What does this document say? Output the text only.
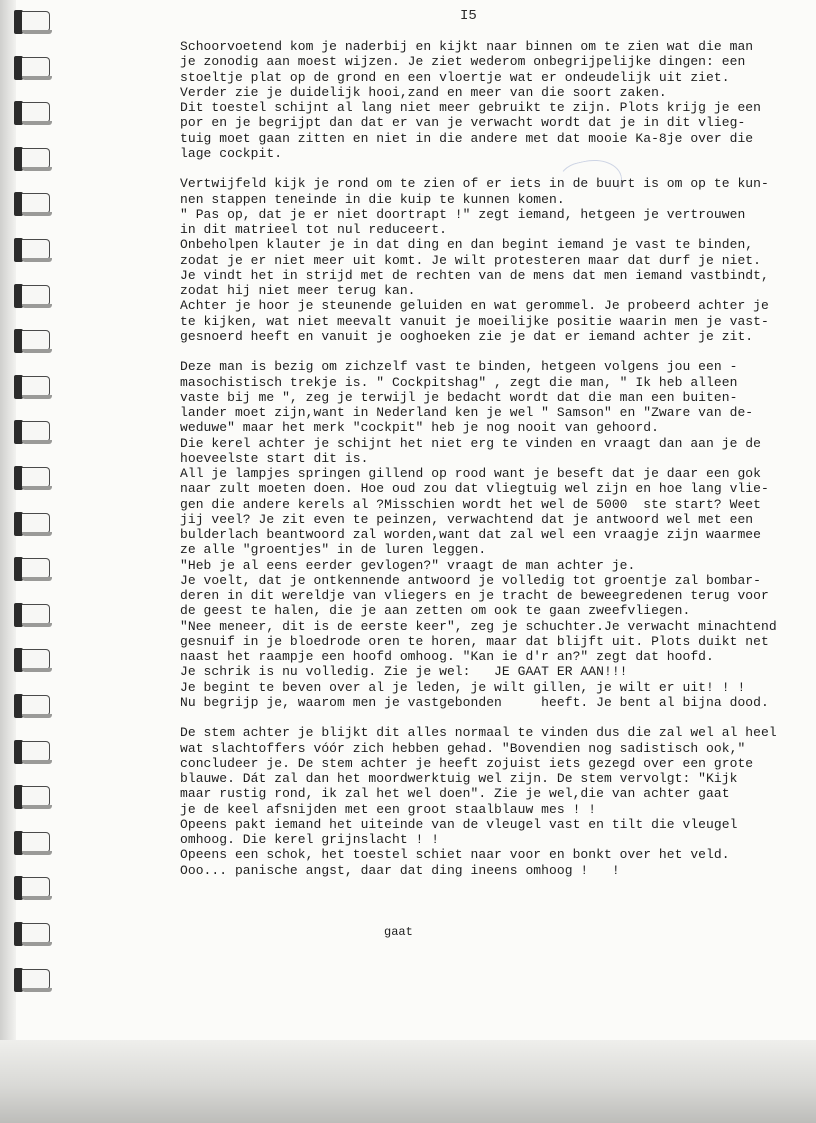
I5
Schoorvoetend kom je naderbij en kijkt naar binnen om te zien wat die man
je zonodig aan moest wijzen. Je ziet wederom onbegrijpelijke dingen: een
stoeltje plat op de grond en een vloertje wat er ondeudelijk uit ziet.
Verder zie je duidelijk hooi,zand en meer van die soort zaken.
Dit toestel schijnt al lang niet meer gebruikt te zijn. Plots krijg je een
por en je begrijpt dan dat er van je verwacht wordt dat je in dit vlieg-
tuig moet gaan zitten en niet in die andere met dat mooie Ka-8je over die
lage cockpit.
Vertwijfeld kijk je rond om te zien of er iets in de buurt is om op te kun-
nen stappen teneinde in die kuip te kunnen komen.
" Pas op, dat je er niet doortrapt !" zegt iemand, hetgeen je vertrouwen
in dit matrieel tot nul reduceert.
Onbeholpen klauter je in dat ding en dan begint iemand je vast te binden,
zodat je er niet meer uit komt. Je wilt protesteren maar dat durf je niet.
Je vindt het in strijd met de rechten van de mens dat men iemand vastbindt,
zodat hij niet meer terug kan.
Achter je hoor je steunende geluiden en wat gerommel. Je probeerd achter je
te kijken, wat niet meevalt vanuit je moeilijke positie waarin men je vast-
gesnoerd heeft en vanuit je ooghoeken zie je dat er iemand achter je zit.
Deze man is bezig om zichzelf vast te binden, hetgeen volgens jou een -
masochistisch trekje is. " Cockpitshag" , zegt die man, " Ik heb alleen
vaste bij me ", zeg je terwijl je bedacht wordt dat die man een buiten-
lander moet zijn,want in Nederland ken je wel " Samson" en "Zware van de-
weduwe" maar het merk "cockpit" heb je nog nooit van gehoord.
Die kerel achter je schijnt het niet erg te vinden en vraagt dan aan je de
hoeveelste start dit is.
All je lampjes springen gillend op rood want je beseft dat je daar een gok
naar zult moeten doen. Hoe oud zou dat vliegtuig wel zijn en hoe lang vlie-
gen die andere kerels al ?Misschien wordt het wel de 5000  ste start? Weet
jij veel? Je zit even te peinzen, verwachtend dat je antwoord wel met een
bulderlach beantwoord zal worden,want dat zal wel een vraagje zijn waarmee
ze alle "groentjes" in de luren leggen.
"Heb je al eens eerder gevlogen?" vraagt de man achter je.
Je voelt, dat je ontkennende antwoord je volledig tot groentje zal bombar-
deren in dit wereldje van vliegers en je tracht de beweegredenen terug voor
de geest te halen, die je aan zetten om ook te gaan zweefvliegen.
"Nee meneer, dit is de eerste keer", zeg je schuchter.Je verwacht minachtend
gesnuif in je bloedrode oren te horen, maar dat blijft uit. Plots duikt net
naast het raampje een hoofd omhoog. "Kan ie d'r an?" zegt dat hoofd.
Je schrik is nu volledig. Zie je wel:   JE GAAT ER AAN!!!
Je begint te beven over al je leden, je wilt gillen, je wilt er uit! ! !
Nu begrijp je, waarom men je vastgebonden     heeft. Je bent al bijna dood.
De stem achter je blijkt dit alles normaal te vinden dus die zal wel al heel
wat slachtoffers vóór zich hebben gehad. "Bovendien nog sadistisch ook,"
concludeer je. De stem achter je heeft zojuist iets gezegd over een grote
blauwe. Dát zal dan het moordwerktuig wel zijn. De stem vervolgt: "Kijk
maar rustig rond, ik zal het wel doen". Zie je wel,die van achter gaat
je de keel afsnijden met een groot staalblauw mes ! !
Opeens pakt iemand het uiteinde van de vleugel vast en tilt die vleugel
omhoog. Die kerel grijnslacht ! !
Opeens een schok, het toestel schiet naar voor en bonkt over het veld.
Ooo... panische angst, daar dat ding ineens omhoog !   !
gaat
